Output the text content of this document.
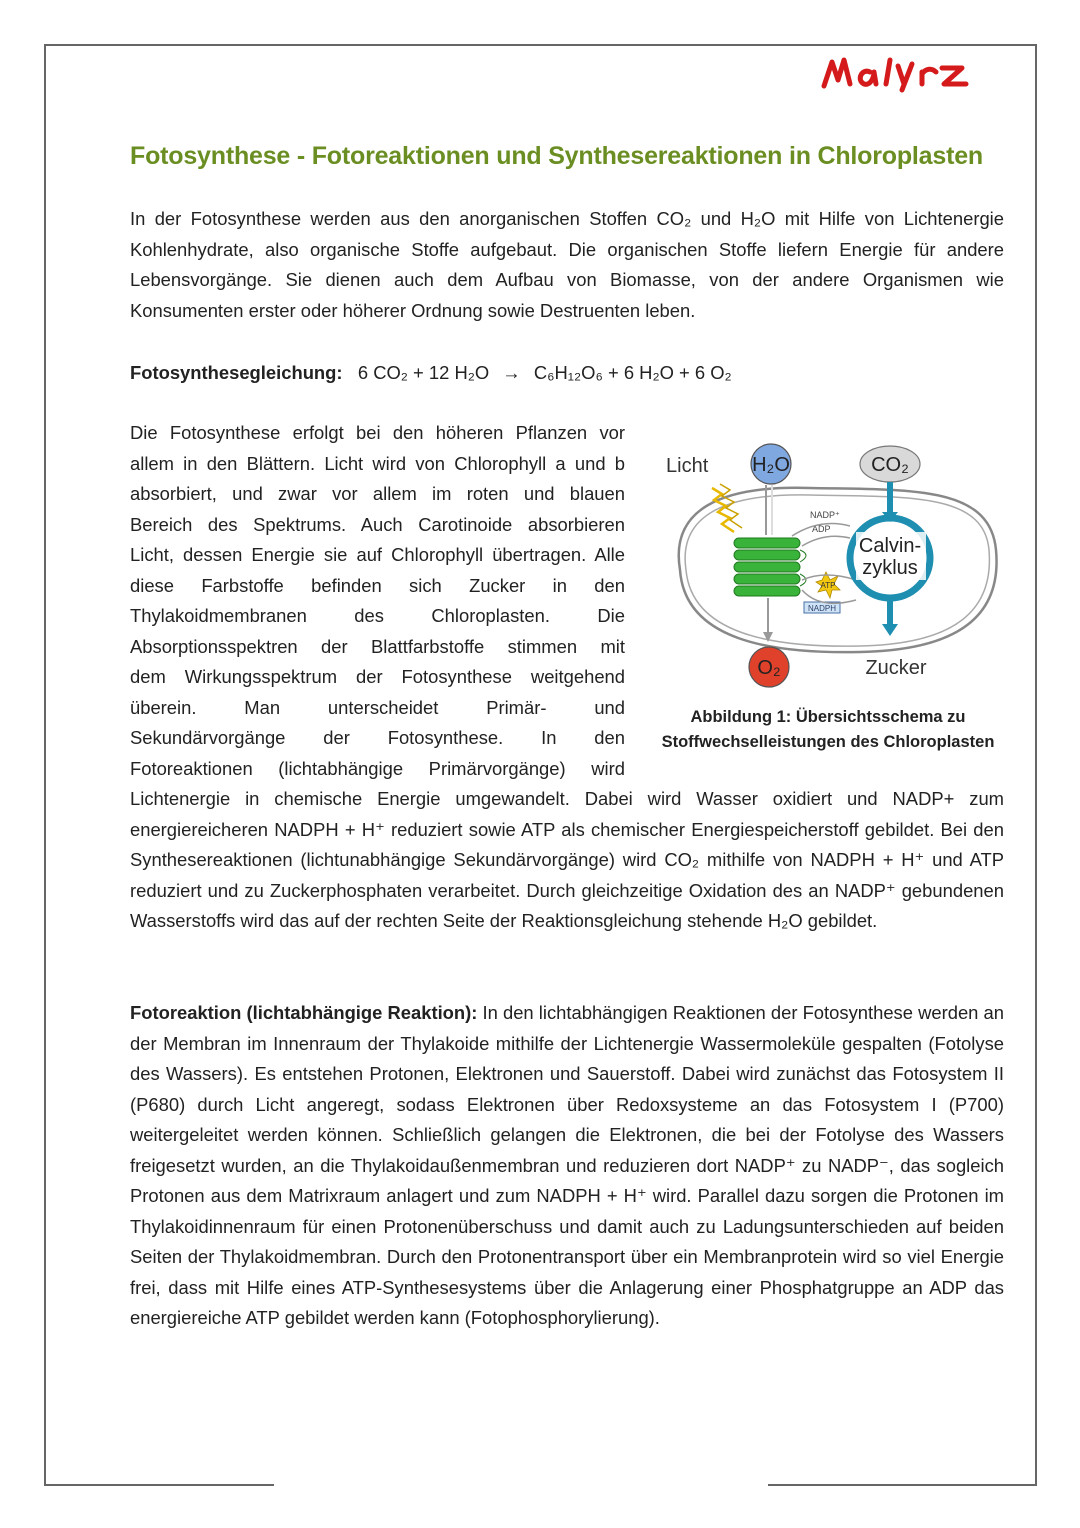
Fotosynthese - Fotoreaktionen und Synthesereaktionen in Chloroplasten
In der Fotosynthese werden aus den anorganischen Stoffen CO₂ und H₂O mit Hilfe von Lichtenergie Kohlenhydrate, also organische Stoffe aufgebaut. Die organischen Stoffe liefern Energie für andere Lebensvorgänge. Sie dienen auch dem Aufbau von Biomasse, von der andere Organismen wie Konsumenten erster oder höherer Ordnung sowie Destruenten leben.
Fotosynthesegleichung: 6 CO₂ + 12 H₂O → C₆H₁₂O₆ + 6 H₂O + 6 O₂
Die Fotosynthese erfolgt bei den höheren Pflanzen vor
allem in den Blättern. Licht wird von Chlorophyll a und b
absorbiert, und zwar vor allem im roten und blauen
Bereich des Spektrums. Auch Carotinoide absorbieren
Licht, dessen Energie sie auf Chlorophyll übertragen. Alle
diese Farbstoffe befinden sich Zucker in den
Thylakoidmembranen des Chloroplasten. Die
Absorptionsspektren der Blattfarbstoffe stimmen mit
dem Wirkungsspektrum der Fotosynthese weitgehend
überein. Man unterscheidet Primär- und
Sekundärvorgänge der Fotosynthese. In den
Fotoreaktionen (lichtabhängige Primärvorgänge) wird
Licht H₂O	CO₂
O₂
NADP⁺
ADP
ATP
NADPH
Calvin-
zyklus
Zucker
Abbildung 1: Übersichtsschema zu
Stoffwechselleistungen des Chloroplasten
Lichtenergie in chemische Energie umgewandelt. Dabei wird Wasser oxidiert und NADP+ zum energiereicheren NADPH + H⁺ reduziert sowie ATP als chemischer Energiespeicherstoff gebildet. Bei den Synthesereaktionen (lichtunabhängige Sekundärvorgänge) wird CO₂ mithilfe von NADPH + H⁺ und ATP reduziert und zu Zuckerphosphaten verarbeitet. Durch gleichzeitige Oxidation des an NADP⁺ gebundenen Wasserstoffs wird das auf der rechten Seite der Reaktionsgleichung stehende H₂O gebildet.
Fotoreaktion (lichtabhängige Reaktion): In den lichtabhängigen Reaktionen der Fotosynthese werden an der Membran im Innenraum der Thylakoide mithilfe der Lichtenergie Wassermoleküle gespalten (Fotolyse des Wassers). Es entstehen Protonen, Elektronen und Sauerstoff. Dabei wird zunächst das Fotosystem II (P680) durch Licht angeregt, sodass Elektronen über Redoxsysteme an das Fotosystem I (P700) weitergeleitet werden können. Schließlich gelangen die Elektronen, die bei der Fotolyse des Wassers freigesetzt wurden, an die Thylakoidaußenmembran und reduzieren dort NADP⁺ zu NADP⁻, das sogleich Protonen aus dem Matrixraum anlagert und zum NADPH + H⁺ wird. Parallel dazu sorgen die Protonen im Thylakoidinnenraum für einen Protonenüberschuss und damit auch zu Ladungsunterschieden auf beiden Seiten der Thylakoidmembran. Durch den Protonentransport über ein Membranprotein wird so viel Energie frei, dass mit Hilfe eines ATP-Synthesesystems über die Anlagerung einer Phosphatgruppe an ADP das energiereiche ATP gebildet werden kann (Fotophosphorylierung).
